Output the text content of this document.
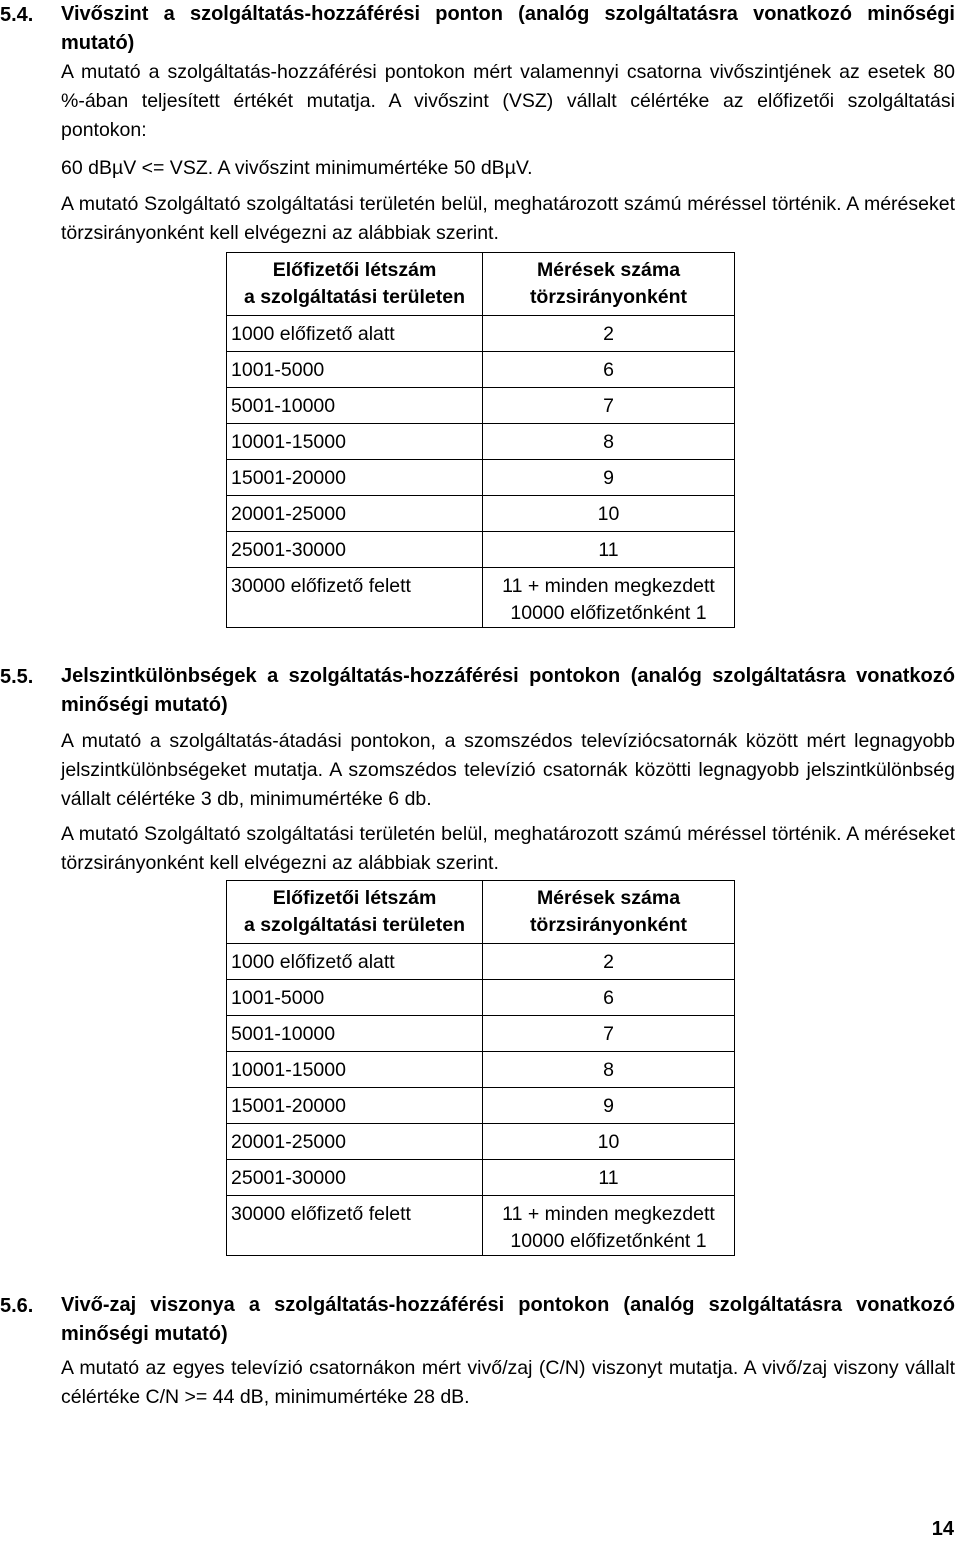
5.4. Vivőszint a szolgáltatás-hozzáférési ponton (analóg szolgáltatásra vonatkozó minőségi mutató)
A mutató a szolgáltatás-hozzáférési pontokon mért valamennyi csatorna vivőszintjének az esetek 80 %-ában teljesített értékét mutatja. A vivőszint (VSZ) vállalt célértéke az előfizetői szolgáltatási pontokon:
60 dBµV <= VSZ. A vivőszint minimumértéke 50 dBµV.
A mutató Szolgáltató szolgáltatási területén belül, meghatározott számú méréssel történik. A méréseket törzsirányonként kell elvégezni az alábbiak szerint.
Előfizetői létszám
a szolgáltatási területen	Mérések száma
törzsirányonként
1000 előfizető alatt	2
1001-5000	6
5001-10000	7
10001-15000	8
15001-20000	9
20001-25000	10
25001-30000	11
30000 előfizető felett	11 + minden megkezdett
10000 előfizetőnként 1
5.5. Jelszintkülönbségek a szolgáltatás-hozzáférési pontokon (analóg szolgáltatásra vonatkozó minőségi mutató)
A mutató a szolgáltatás-átadási pontokon, a szomszédos televíziócsatornák között mért legnagyobb jelszintkülönbségeket mutatja. A szomszédos televízió csatornák közötti legnagyobb jelszintkülönbség vállalt célértéke 3 db, minimumértéke 6 db.
A mutató Szolgáltató szolgáltatási területén belül, meghatározott számú méréssel történik. A méréseket törzsirányonként kell elvégezni az alábbiak szerint.
Előfizetői létszám
a szolgáltatási területen	Mérések száma
törzsirányonként
1000 előfizető alatt	2
1001-5000	6
5001-10000	7
10001-15000	8
15001-20000	9
20001-25000	10
25001-30000	11
30000 előfizető felett	11 + minden megkezdett
10000 előfizetőnként 1
5.6. Vivő-zaj viszonya a szolgáltatás-hozzáférési pontokon (analóg szolgáltatásra vonatkozó minőségi mutató)
A mutató az egyes televízió csatornákon mért vivő/zaj (C/N) viszonyt mutatja. A vivő/zaj viszony vállalt célértéke C/N >= 44 dB, minimumértéke 28 dB.
14
